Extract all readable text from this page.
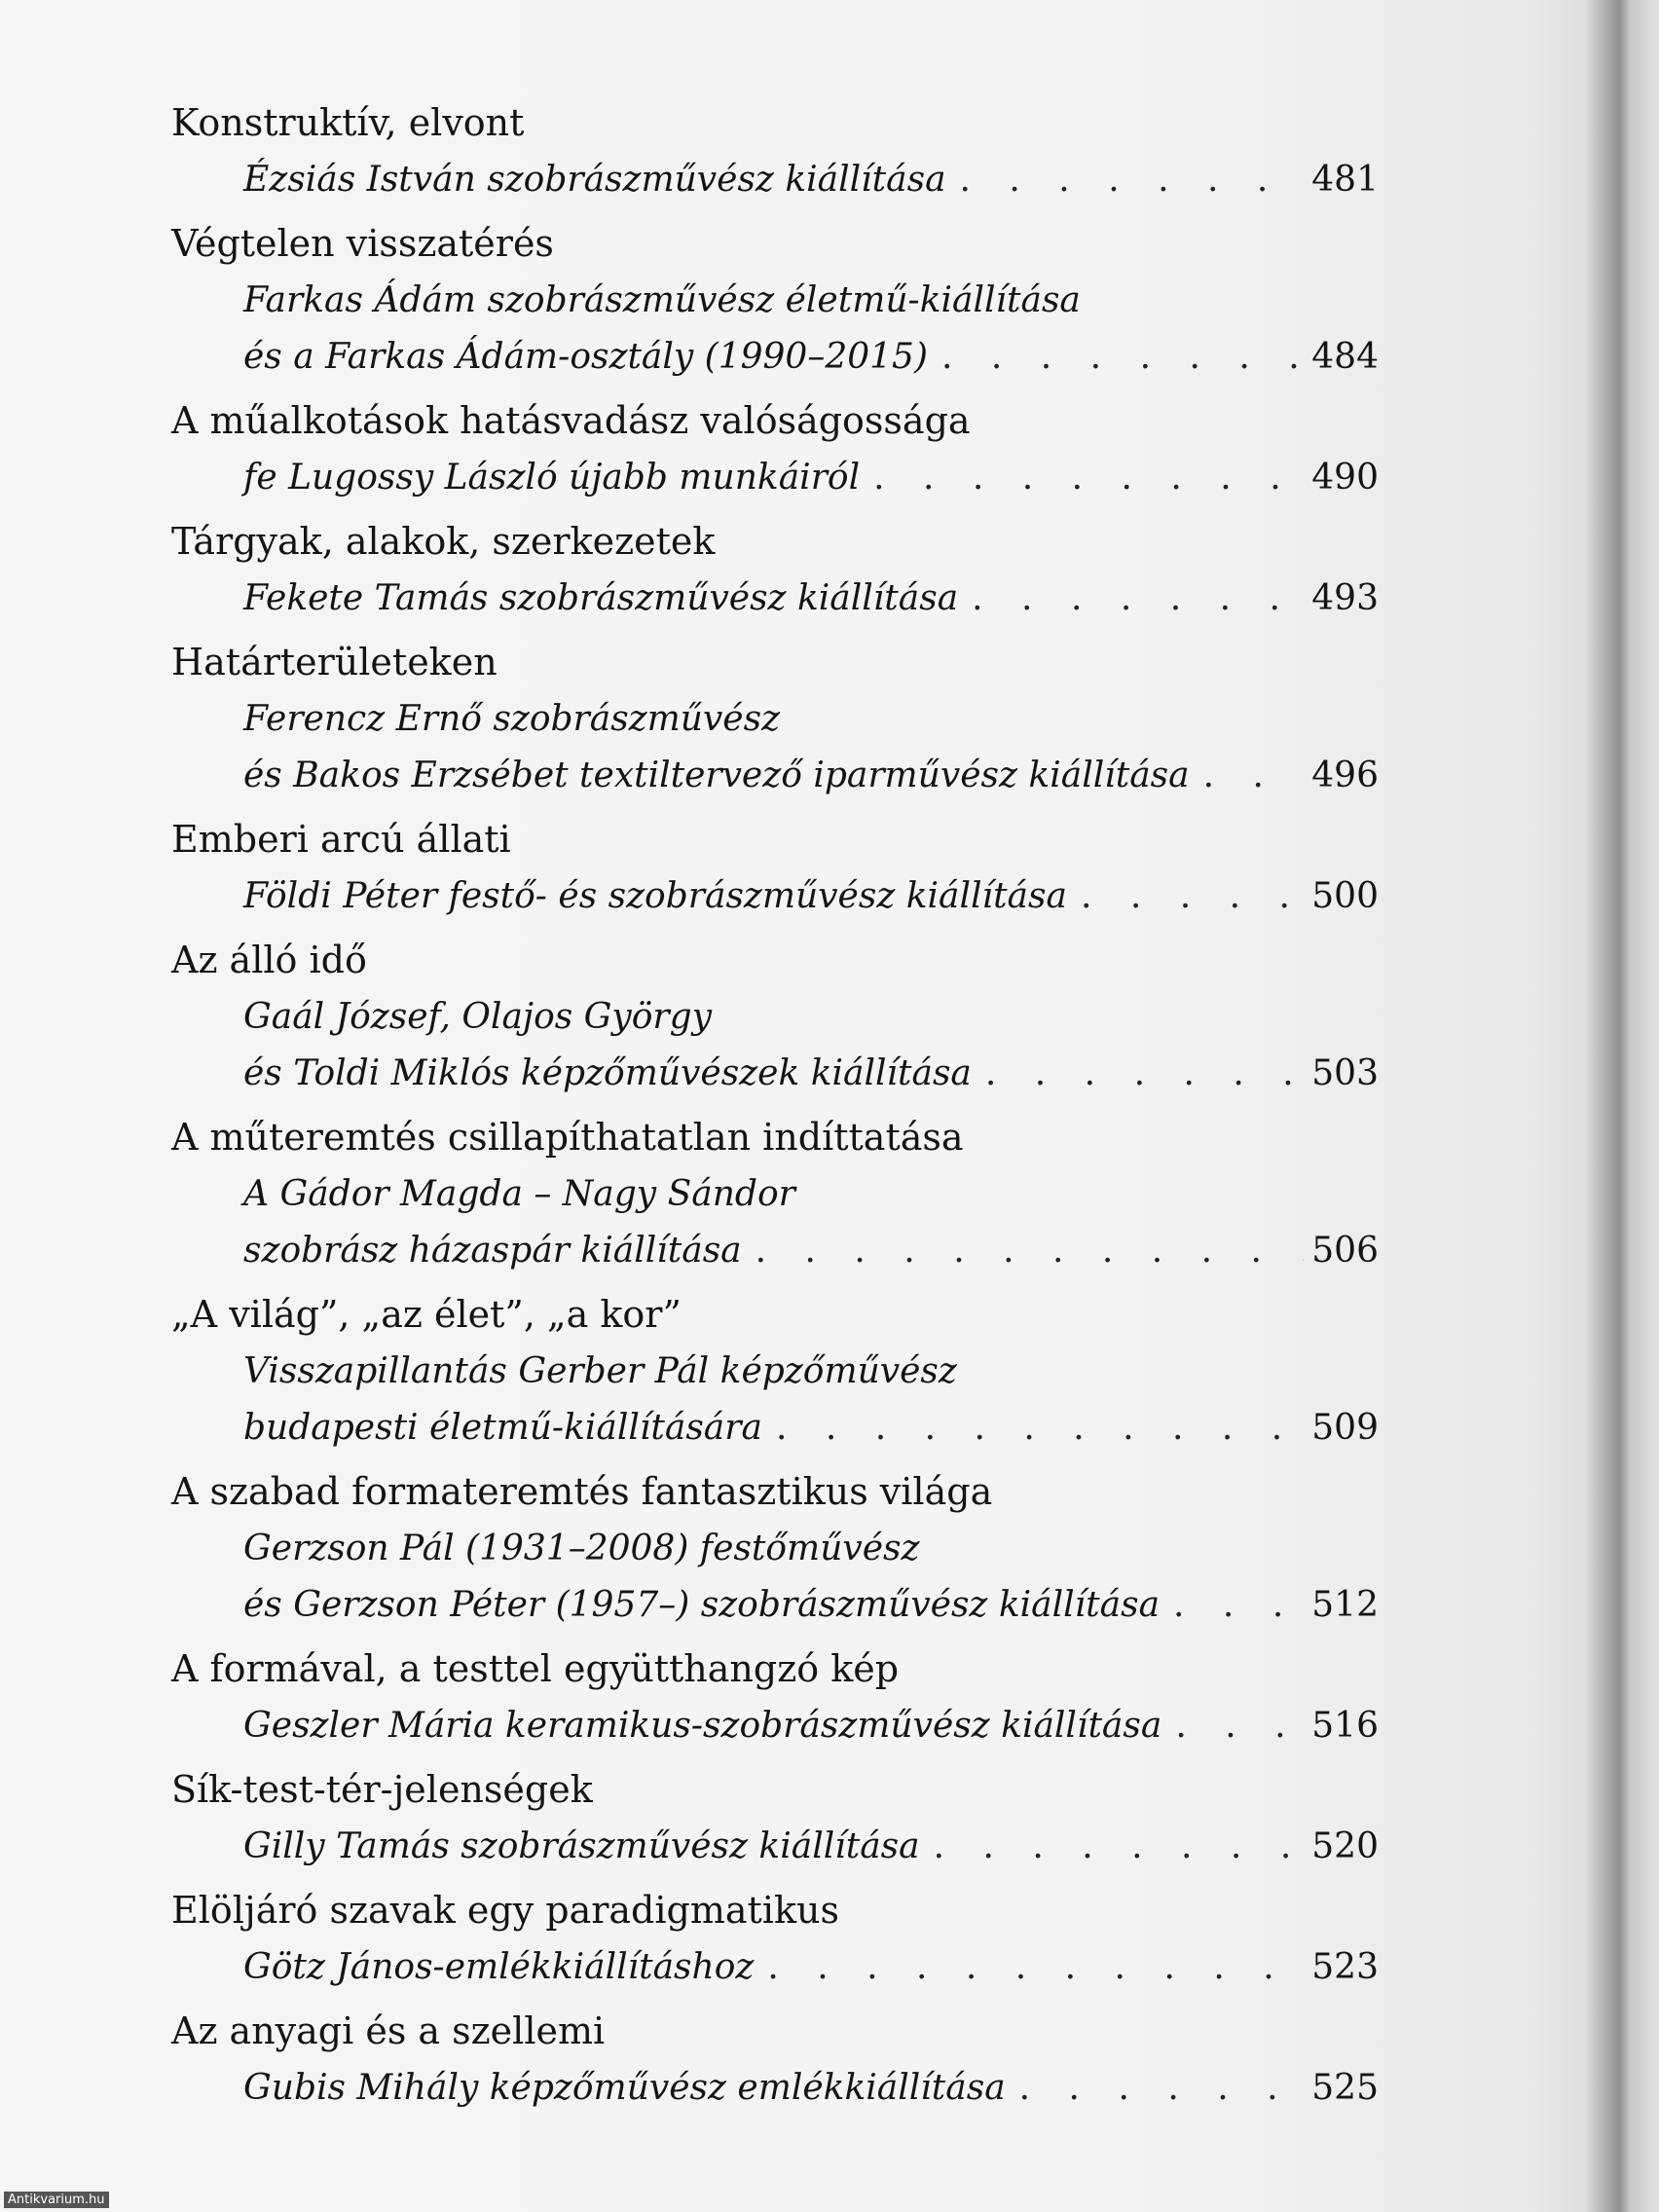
Konstruktív, elvont
Ézsiás István szobrászművész kiállítása . . .	481
Végtelen visszatérés
Farkas Ádám szobrászművész életmű-kiállítása
és a Farkas Ádám-osztály (1990–2015) . . .	484
A műalkotások hatásvadász valóságossága
fe Lugossy László újabb munkáiról . . .	490
Tárgyak, alakok, szerkezetek
Fekete Tamás szobrászművész kiállítása . . .	493
Határterületeken
Ferencz Ernő szobrászművész
és Bakos Erzsébet textiltervező iparművész kiállítása . . .	496
Emberi arcú állati
Földi Péter festő- és szobrászművész kiállítása . . .	500
Az álló idő
Gaál József, Olajos György
és Toldi Miklós képzőművészek kiállítása . . .	503
A műteremtés csillapíthatatlan indíttatása
A Gádor Magda – Nagy Sándor
szobrász házaspár kiállítása . . .	506
„A világ”, „az élet”, „a kor”
Visszapillantás Gerber Pál képzőművész
budapesti életmű-kiállítására . . .	509
A szabad formateremtés fantasztikus világa
Gerzson Pál (1931–2008) festőművész
és Gerzson Péter (1957–) szobrászművész kiállítása . . .	512
A formával, a testtel együtthangzó kép
Geszler Mária keramikus-szobrászművész kiállítása . . .	516
Sík-test-tér-jelenségek
Gilly Tamás szobrászművész kiállítása . . .	520
Elöljáró szavak egy paradigmatikus
Götz János-emlékkiállításhoz . . .	523
Az anyagi és a szellemi
Gubis Mihály képzőművész emlékkiállítása . . .	525
Antikvarium.hu
